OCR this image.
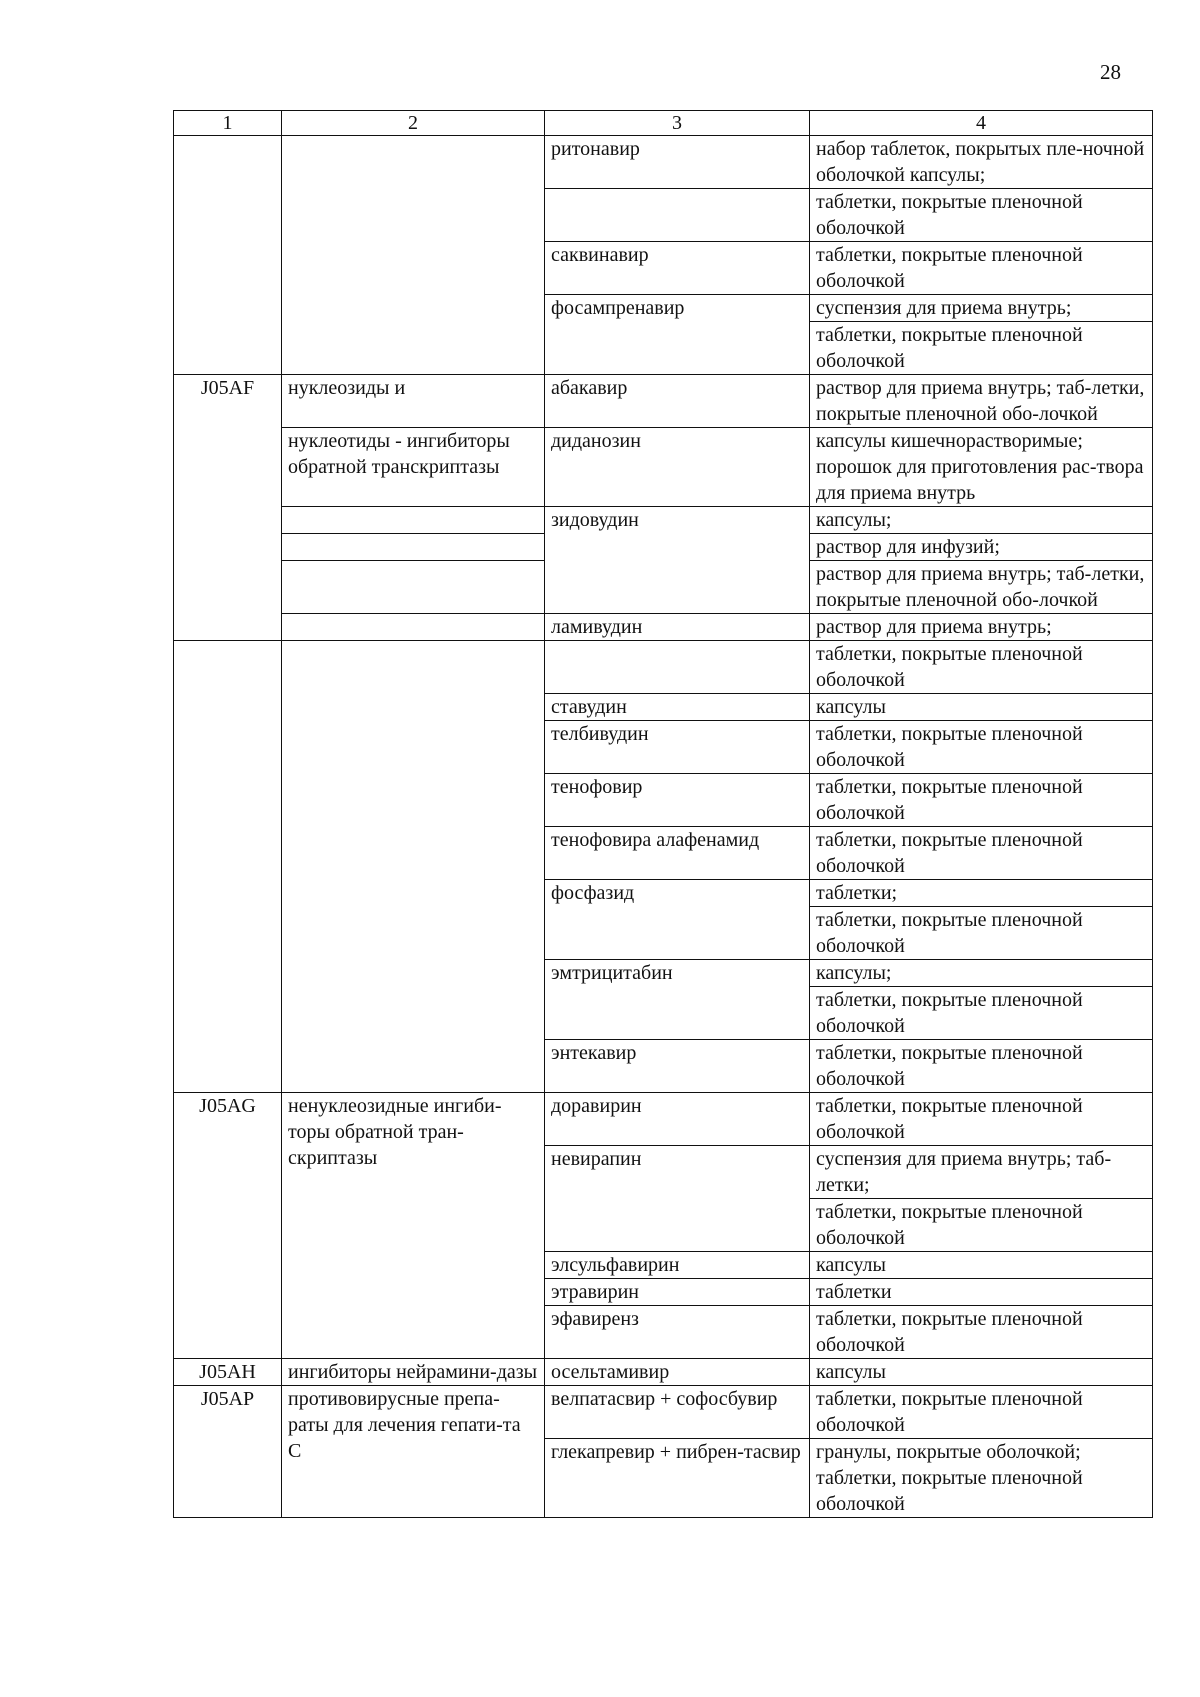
28
1	2	3	4
		ритонавир	набор таблеток, покрытых пле-ночной оболочкой капсулы;
			таблетки, покрытые пленочной оболочкой
		саквинавир	таблетки, покрытые пленочной оболочкой
		фосампренавир	суспензия для приема внутрь;
			таблетки, покрытые пленочной оболочкой
J05AF	нуклеозиды и	абакавир	раствор для приема внутрь; таб-летки, покрытые пленочной обо-лочкой
	нуклеотиды - ингибиторы обратной транскриптазы	диданозин	капсулы кишечнорастворимые; порошок для приготовления рас-твора для приема внутрь
		зидовудин	капсулы;
			раствор для инфузий;
			раствор для приема внутрь; таб-летки, покрытые пленочной обо-лочкой
		ламивудин	раствор для приема внутрь;
			таблетки, покрытые пленочной оболочкой
		ставудин	капсулы
		телбивудин	таблетки, покрытые пленочной оболочкой
		тенофовир	таблетки, покрытые пленочной оболочкой
		тенофовира алафенамид	таблетки, покрытые пленочной оболочкой
		фосфазид	таблетки;
			таблетки, покрытые пленочной оболочкой
		эмтрицитабин	капсулы;
			таблетки, покрытые пленочной оболочкой
		энтекавир	таблетки, покрытые пленочной оболочкой
J05AG	ненуклеозидные ингиби-торы обратной тран-скриптазы	доравирин	таблетки, покрытые пленочной оболочкой
		невирапин	суспензия для приема внутрь; таб-летки;
			таблетки, покрытые пленочной оболочкой
		элсульфавирин	капсулы
		этравирин	таблетки
		эфавиренз	таблетки, покрытые пленочной оболочкой
J05AH	ингибиторы нейрамини-дазы	осельтамивир	капсулы
J05AP	противовирусные препа-раты для лечения гепати-та С	велпатасвир + софосбувир	таблетки, покрытые пленочной оболочкой
		глекапревир + пибрен-тасвир	гранулы, покрытые оболочкой; таблетки, покрытые пленочной оболочкой
